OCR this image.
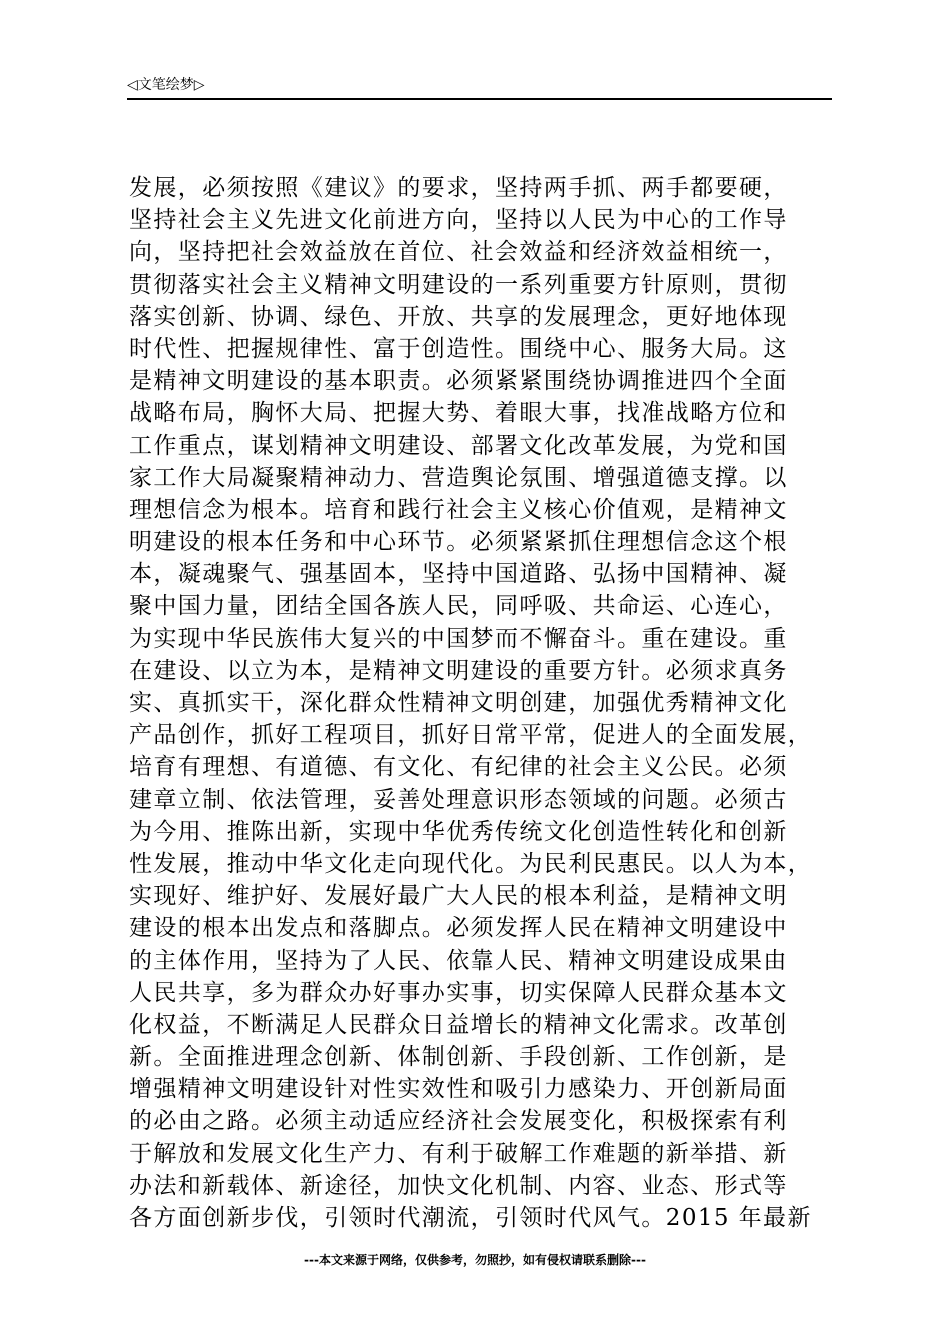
◁文笔绘梦▷
发展，必须按照《建议》的要求，坚持两手抓、两手都要硬，
坚持社会主义先进文化前进方向，坚持以人民为中心的工作导
向，坚持把社会效益放在首位、社会效益和经济效益相统一，
贯彻落实社会主义精神文明建设的一系列重要方针原则，贯彻
落实创新、协调、绿色、开放、共享的发展理念，更好地体现
时代性、把握规律性、富于创造性。围绕中心、服务大局。这
是精神文明建设的基本职责。必须紧紧围绕协调推进四个全面
战略布局，胸怀大局、把握大势、着眼大事，找准战略方位和
工作重点，谋划精神文明建设、部署文化改革发展，为党和国
家工作大局凝聚精神动力、营造舆论氛围、增强道德支撑。以
理想信念为根本。培育和践行社会主义核心价值观，是精神文
明建设的根本任务和中心环节。必须紧紧抓住理想信念这个根
本，凝魂聚气、强基固本，坚持中国道路、弘扬中国精神、凝
聚中国力量，团结全国各族人民，同呼吸、共命运、心连心，
为实现中华民族伟大复兴的中国梦而不懈奋斗。重在建设。重
在建设、以立为本，是精神文明建设的重要方针。必须求真务
实、真抓实干，深化群众性精神文明创建，加强优秀精神文化
产品创作，抓好工程项目，抓好日常平常，促进人的全面发展，
培育有理想、有道德、有文化、有纪律的社会主义公民。必须
建章立制、依法管理，妥善处理意识形态领域的问题。必须古
为今用、推陈出新，实现中华优秀传统文化创造性转化和创新
性发展，推动中华文化走向现代化。为民利民惠民。以人为本，
实现好、维护好、发展好最广大人民的根本利益，是精神文明
建设的根本出发点和落脚点。必须发挥人民在精神文明建设中
的主体作用，坚持为了人民、依靠人民、精神文明建设成果由
人民共享，多为群众办好事办实事，切实保障人民群众基本文
化权益，不断满足人民群众日益增长的精神文化需求。改革创
新。全面推进理念创新、体制创新、手段创新、工作创新，是
增强精神文明建设针对性实效性和吸引力感染力、开创新局面
的必由之路。必须主动适应经济社会发展变化，积极探索有利
于解放和发展文化生产力、有利于破解工作难题的新举措、新
办法和新载体、新途径，加快文化机制、内容、业态、形式等
各方面创新步伐，引领时代潮流，引领时代风气。2015 年最新
---本文来源于网络，仅供参考，勿照抄，如有侵权请联系删除---
